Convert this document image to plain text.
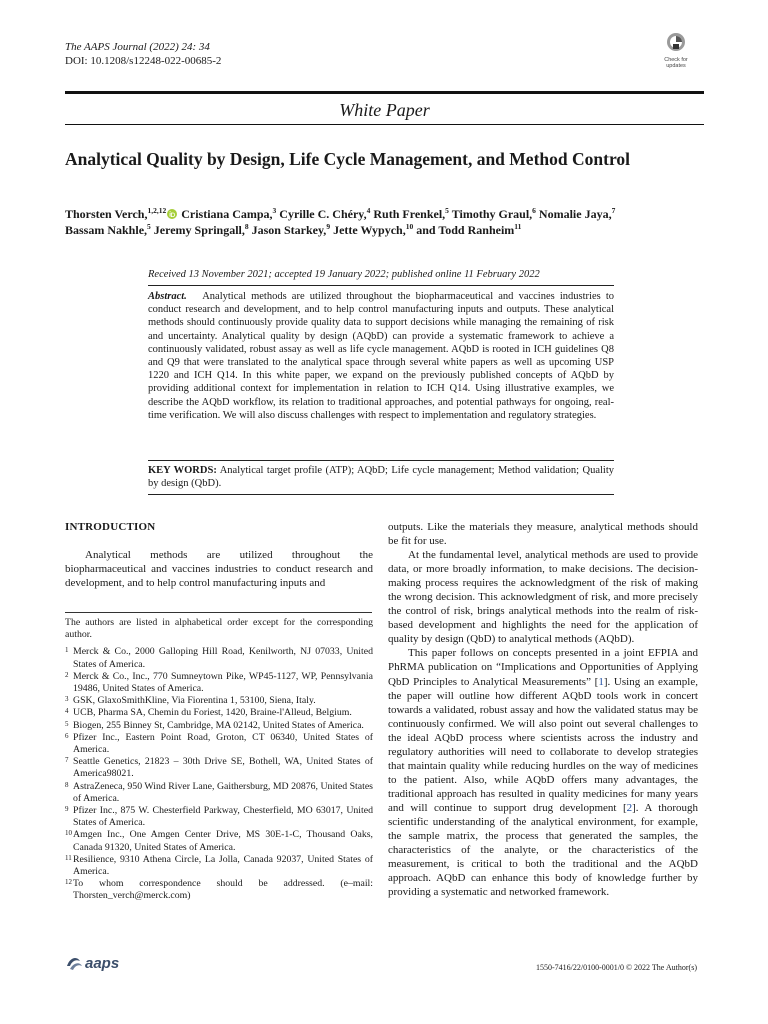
The AAPS Journal (2022) 24: 34
DOI: 10.1208/s12248-022-00685-2	Check for
updates
White Paper
Analytical Quality by Design, Life Cycle Management, and Method Control
Thorsten Verch,$^{1,2,12}$ Cristiana Campa,$^3$ Cyrille C. Chéry,$^4$ Ruth Frenkel,$^5$ Timothy Graul,$^6$ Nomalie Jaya,$^7$
Bassam Nakhle,$^5$ Jeremy Springall,$^8$ Jason Starkey,$^9$ Jette Wypych,$^{10}$ and Todd Ranheim$^{11}$
Received 13 November 2021; accepted 19 January 2022; published online 11 February 2022
Abstract. Analytical methods are utilized throughout the biopharmaceutical and vaccines industries to conduct research and development, and to help control manufacturing inputs and outputs. These analytical methods should continuously provide quality data to support decisions while managing the remaining of risk and uncertainty. Analytical quality by design (AQbD) can provide a systematic framework to achieve a continuously validated, robust assay as well as life cycle management. AQbD is rooted in ICH guidelines Q8 and Q9 that were translated to the analytical space through several white papers as well as upcoming USP 1220 and ICH Q14. In this white paper, we expand on the previously published concepts of AQbD by providing additional context for implementation in relation to ICH Q14. Using illustrative examples, we describe the AQbD workflow, its relation to traditional approaches, and potential pathways for ongoing, real-time verification. We will also discuss challenges with respect to implementation and regulatory strategies.
KEY WORDS: Analytical target profile (ATP); AQbD; Life cycle management; Method validation; Quality by design (QbD).
INTRODUCTION

Analytical methods are utilized throughout the biopharmaceutical and vaccines industries to conduct research and development, and to help control manufacturing inputs and

The authors are listed in alphabetical order except for the corresponding author.
1 Merck & Co., 2000 Galloping Hill Road, Kenilworth, NJ 07033, United States of America.
2 Merck & Co., Inc., 770 Sumneytown Pike, WP45-1127, WP, Pennsylvania 19486, United States of America.
3 GSK, GlaxoSmithKline, Via Fiorentina 1, 53100, Siena, Italy.
4 UCB, Pharma SA, Chemin du Foriest, 1420, Braine-l'Alleud, Belgium.
5 Biogen, 255 Binney St, Cambridge, MA 02142, United States of America.
6 Pfizer Inc., Eastern Point Road, Groton, CT 06340, United States of America.
7 Seattle Genetics, 21823 – 30th Drive SE, Bothell, WA, United States of America98021.
8 AstraZeneca, 950 Wind River Lane, Gaithersburg, MD 20876, United States of America.
9 Pfizer Inc., 875 W. Chesterfield Parkway, Chesterfield, MO 63017, United States of America.
10 Amgen Inc., One Amgen Center Drive, MS 30E-1-C, Thousand Oaks, Canada 91320, United States of America.
11 Resilience, 9310 Athena Circle, La Jolla, Canada 92037, United States of America.
12 To whom correspondence should be addressed. (e–mail: Thorsten_verch@merck.com)

outputs. Like the materials they measure, analytical methods should be fit for use.

At the fundamental level, analytical methods are used to provide data, or more broadly information, to make decisions. The decision-making process requires the acknowledgment of the risk of making the wrong decision. This acknowledgment of risk, and more precisely the control of risk, brings analytical methods into the realm of risk-based development and highlights the need for the application of quality by design (QbD) to analytical methods (AQbD).

This paper follows on concepts presented in a joint EFPIA and PhRMA publication on “Implications and Opportunities of Applying QbD Principles to Analytical Measurements” [1]. Using an example, the paper will outline how different AQbD tools work in concert towards a validated, robust assay and how the validated status may be continuously confirmed. We will also point out several challenges to the ideal AQbD process where scientists across the industry and regulatory authorities will need to collaborate to develop strategies that maintain quality while reducing hurdles on the way of medicines to the patient. Also, while AQbD offers many advantages, the traditional approach has resulted in quality medicines for many years and will continue to support drug development [2]. A thorough scientific understanding of the analytical environment, for example, the sample matrix, the process that generated the samples, the characteristics of the analyte, or the characteristics of the measurement, is critical to both the traditional and the AQbD approach. AQbD can enhance this body of knowledge further by providing a systematic and networked framework.

aaps	1550-7416/22/0100-0001/0 © 2022 The Author(s)
